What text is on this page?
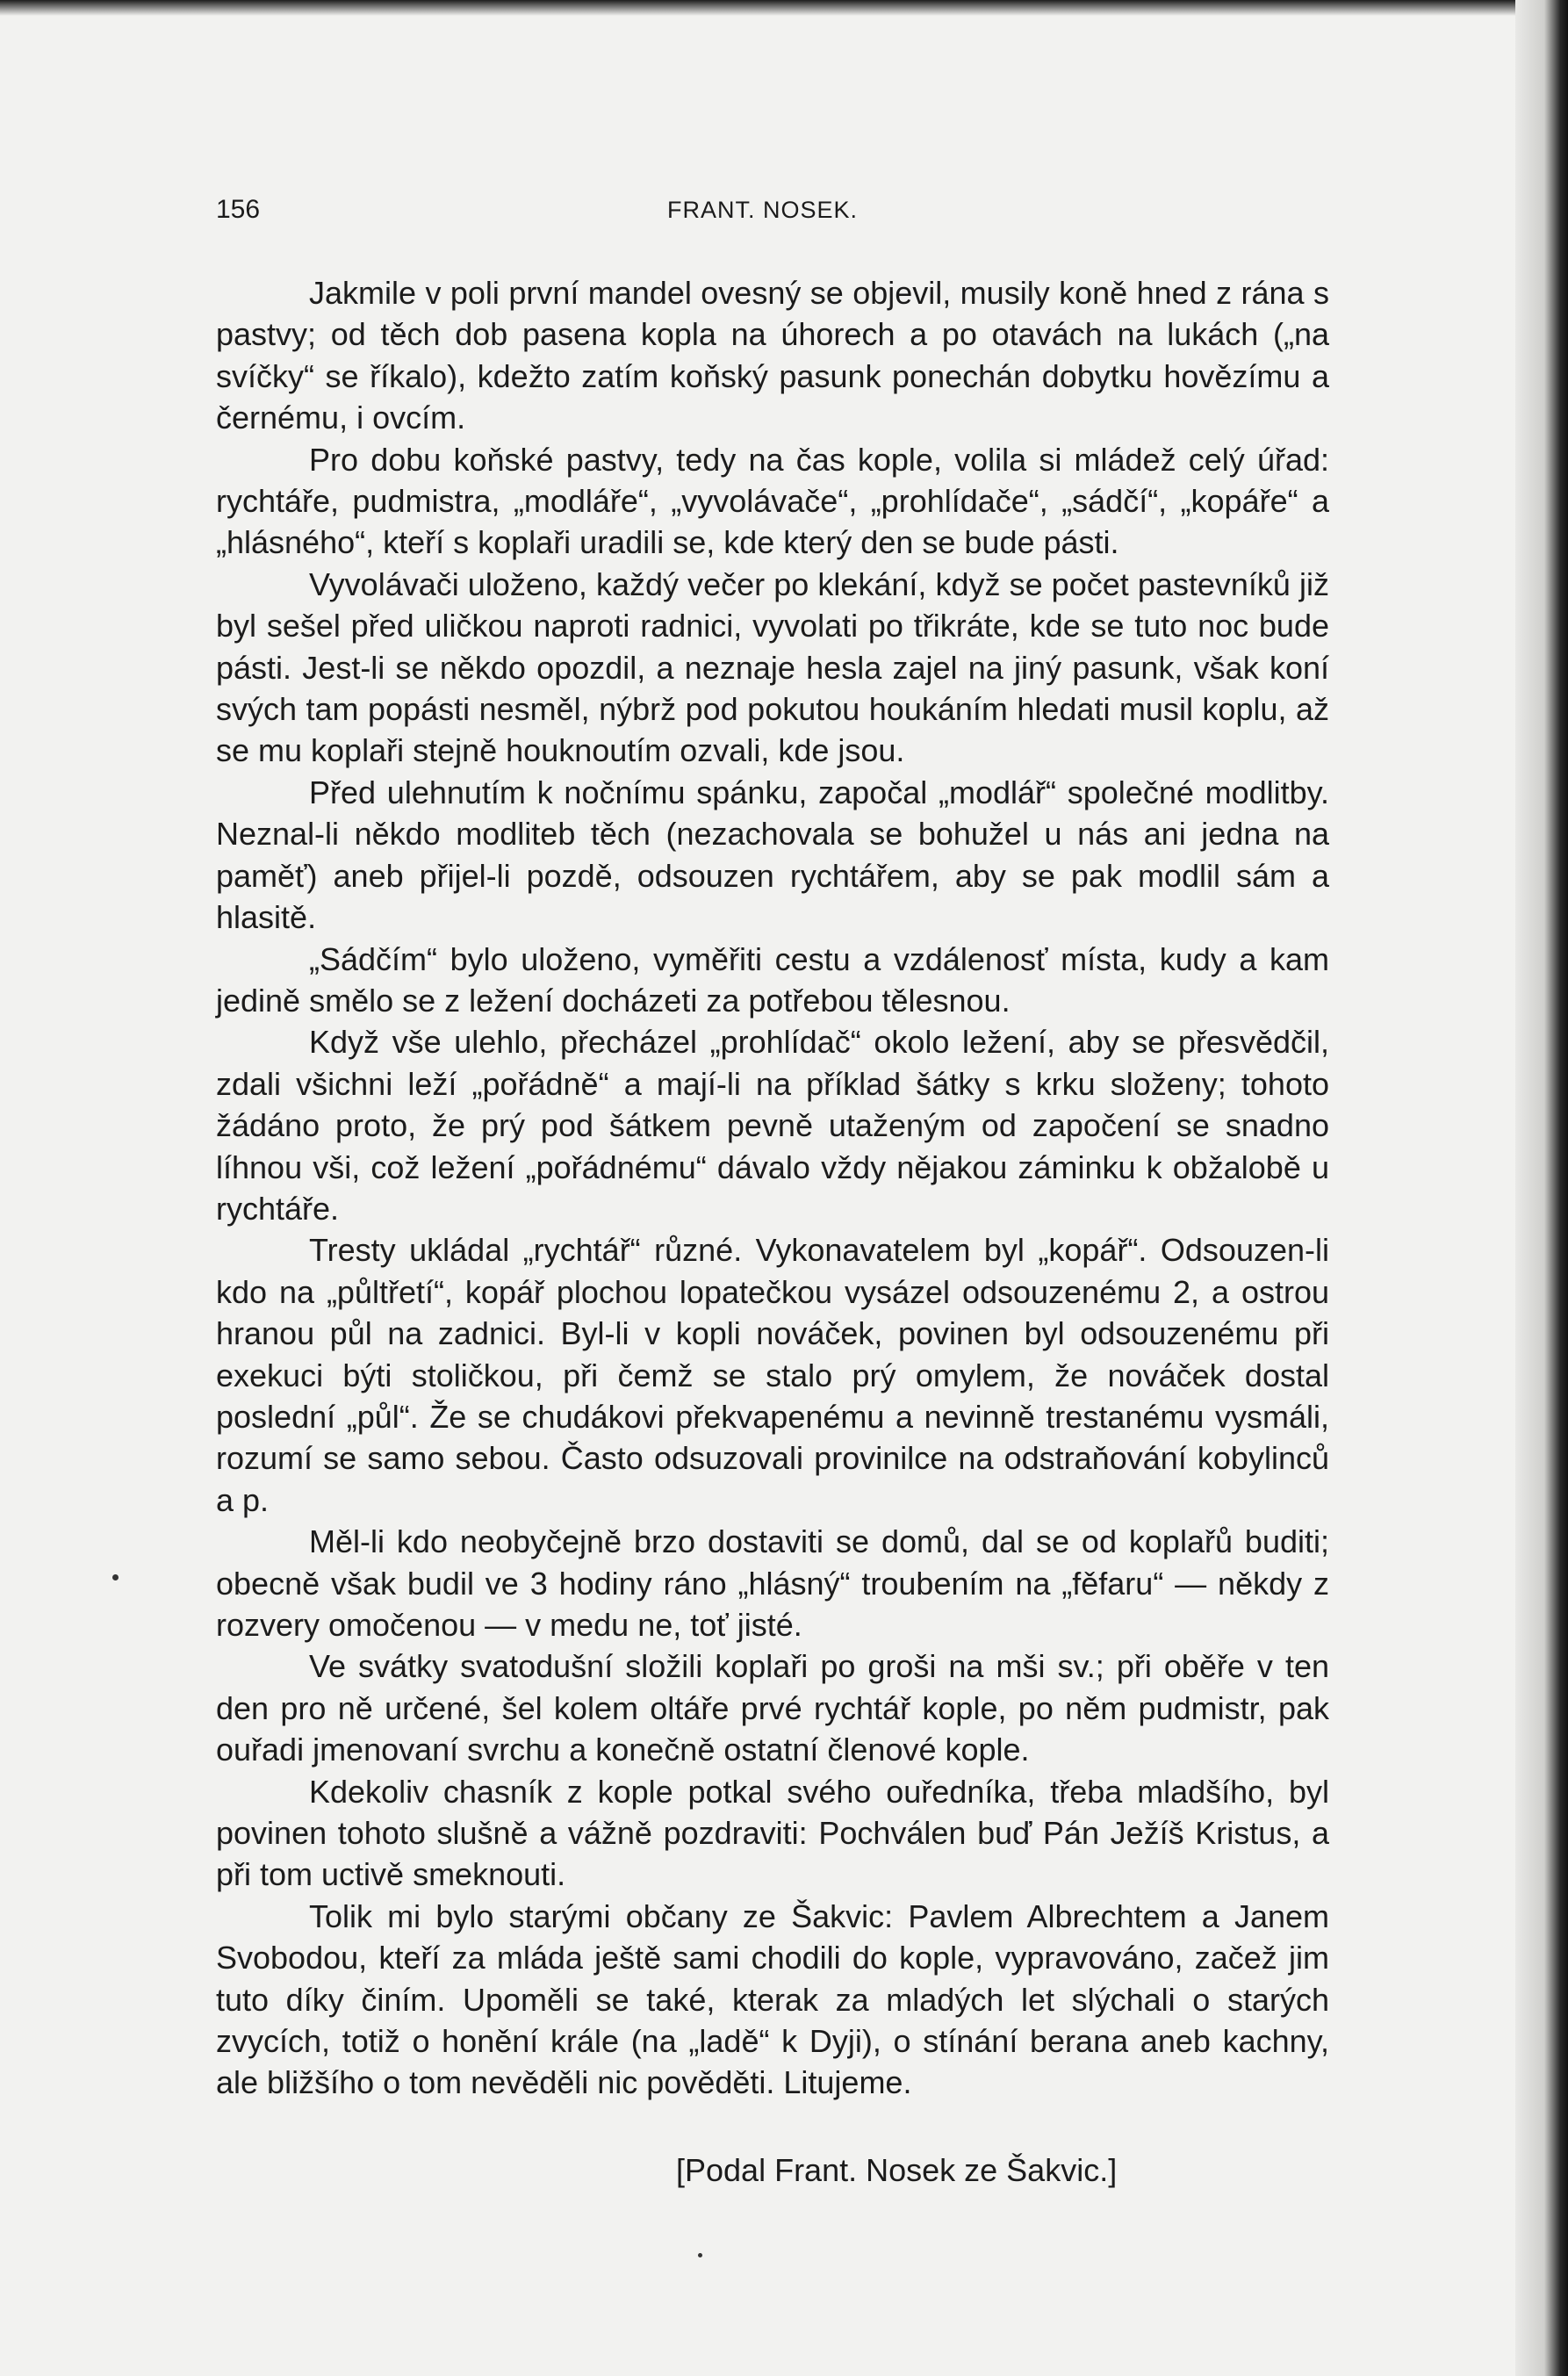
156	FRANT. NOSEK.

Jakmile v poli první mandel ovesný se objevil, musily koně hned z rána s pastvy; od těch dob pasena kopla na úhorech a po otavách na lukách („na svíčky“ se říkalo), kdežto zatím koňský pasunk ponechán dobytku hovězímu a černému, i ovcím.

Pro dobu koňské pastvy, tedy na čas kople, volila si mládež celý úřad: rychtáře, pudmistra, „modláře“, „vyvolávače“, „prohlídače“, „sádčí“, „kopáře“ a „hlásného“, kteří s koplaři uradili se, kde který den se bude pásti.

Vyvolávači uloženo, každý večer po klekání, když se počet pastevníků již byl sešel před uličkou naproti radnici, vyvolati po třikráte, kde se tuto noc bude pásti. Jest-li se někdo opozdil, a neznaje hesla zajel na jiný pasunk, však koní svých tam popásti nesměl, nýbrž pod pokutou houkáním hledati musil koplu, až se mu koplaři stejně houknoutím ozvali, kde jsou.

Před ulehnutím k nočnímu spánku, započal „modlář“ společné modlitby. Neznal-li někdo modliteb těch (nezachovala se bohužel u nás ani jedna na paměť) aneb přijel-li pozdě, odsouzen rychtářem, aby se pak modlil sám a hlasitě.

„Sádčím“ bylo uloženo, vyměřiti cestu a vzdálenosť místa, kudy a kam jedině smělo se z ležení docházeti za potřebou tělesnou.

Když vše ulehlo, přecházel „prohlídač“ okolo ležení, aby se přesvědčil, zdali všichni leží „pořádně“ a mají-li na příklad šátky s krku složeny; tohoto žádáno proto, že prý pod šátkem pevně utaženým od započení se snadno líhnou vši, což ležení „pořádnému“ dávalo vždy nějakou záminku k obžalobě u rychtáře.

Tresty ukládal „rychtář“ různé. Vykonavatelem byl „kopář“. Odsouzen-li kdo na „půltřetí“, kopář plochou lopatečkou vysázel odsouzenému 2, a ostrou hranou půl na zadnici. Byl-li v kopli nováček, povinen byl odsouzenému při exekuci býti stoličkou, při čemž se stalo prý omylem, že nováček dostal poslední „půl“. Že se chudákovi překvapenému a nevinně trestanému vysmáli, rozumí se samo sebou. Často odsuzovali provinilce na odstraňování kobylinců a p.

Měl-li kdo neobyčejně brzo dostaviti se domů, dal se od koplařů buditi; obecně však budil ve 3 hodiny ráno „hlásný“ troubením na „fěfaru“ — někdy z rozvery omočenou — v medu ne, toť jisté.

Ve svátky svatodušní složili koplaři po groši na mši sv.; při oběře v ten den pro ně určené, šel kolem oltáře prvé rychtář kople, po něm pudmistr, pak ouřadi jmenovaní svrchu a konečně ostatní členové kople.

Kdekoliv chasník z kople potkal svého ouředníka, třeba mladšího, byl povinen tohoto slušně a vážně pozdraviti: Pochválen buď Pán Ježíš Kristus, a při tom uctivě smeknouti.

Tolik mi bylo starými občany ze Šakvic: Pavlem Albrechtem a Janem Svobodou, kteří za mláda ještě sami chodili do kople, vypravováno, začež jim tuto díky činím. Upoměli se také, kterak za mladých let slýchali o starých zvycích, totiž o honění krále (na „ladě“ k Dyji), o stínání berana aneb kachny, ale bližšího o tom nevěděli nic pověděti. Litujeme.

[Podal Frant. Nosek ze Šakvic.]
